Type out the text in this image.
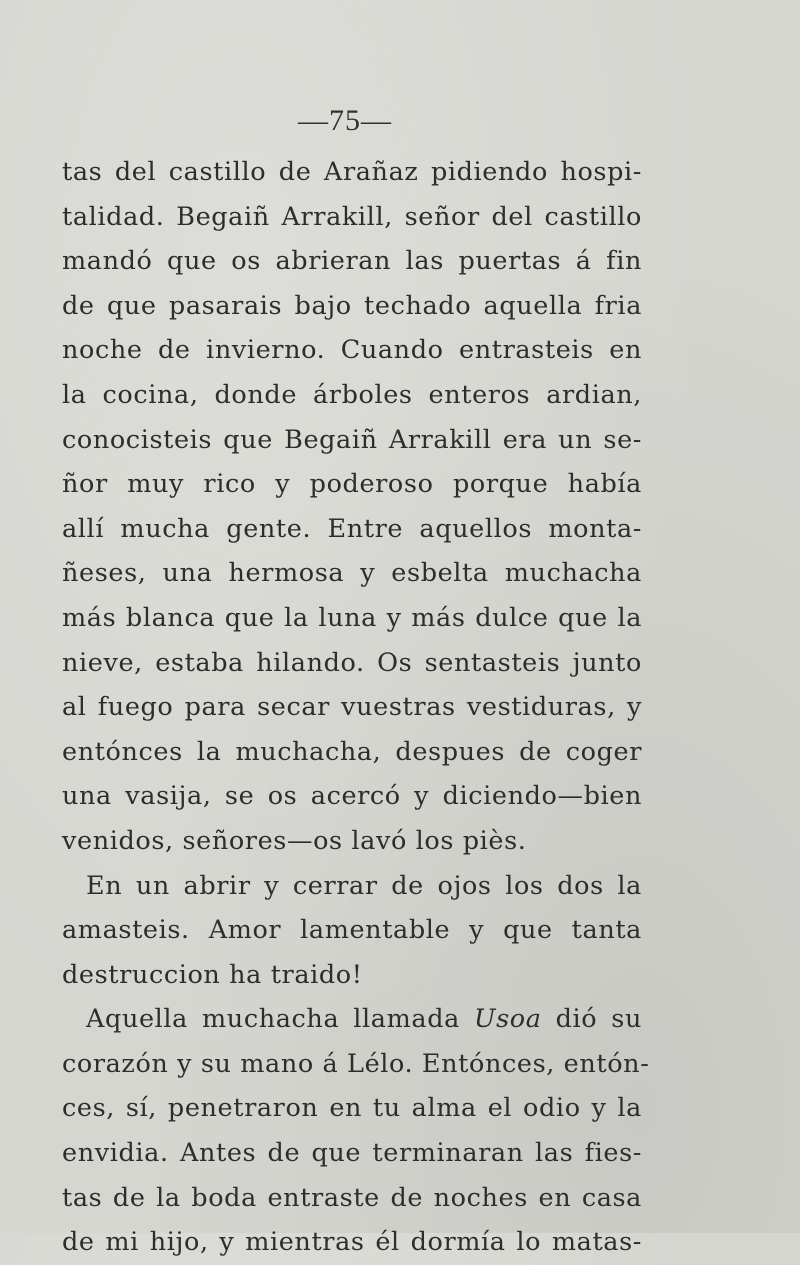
—75—
tas del castillo de Arañaz pidiendo hospi-
talidad. Begaiñ Arrakill, señor del castillo
mandó que os abrieran las puertas á fin
de que pasarais bajo techado aquella fria
noche de invierno. Cuando entrasteis en
la cocina, donde árboles enteros ardian,
conocisteis que Begaiñ Arrakill era un se-
ñor muy rico y poderoso porque había
allí mucha gente. Entre aquellos monta-
ñeses, una hermosa y esbelta muchacha
más blanca que la luna y más dulce que la
nieve, estaba hilando. Os sentasteis junto
al fuego para secar vuestras vestiduras, y
entónces la muchacha, despues de coger
una vasija, se os acercó y diciendo—bien
venidos, señores—os lavó los piès.
En un abrir y cerrar de ojos los dos la
amasteis. Amor lamentable y que tanta
destruccion ha traido!
Aquella muchacha llamada Usoa dió su
corazón y su mano á Lélo. Entónces, entón-
ces, sí, penetraron en tu alma el odio y la
envidia. Antes de que terminaran las fies-
tas de la boda entraste de noches en casa
de mi hijo, y mientras él dormía lo matas-
